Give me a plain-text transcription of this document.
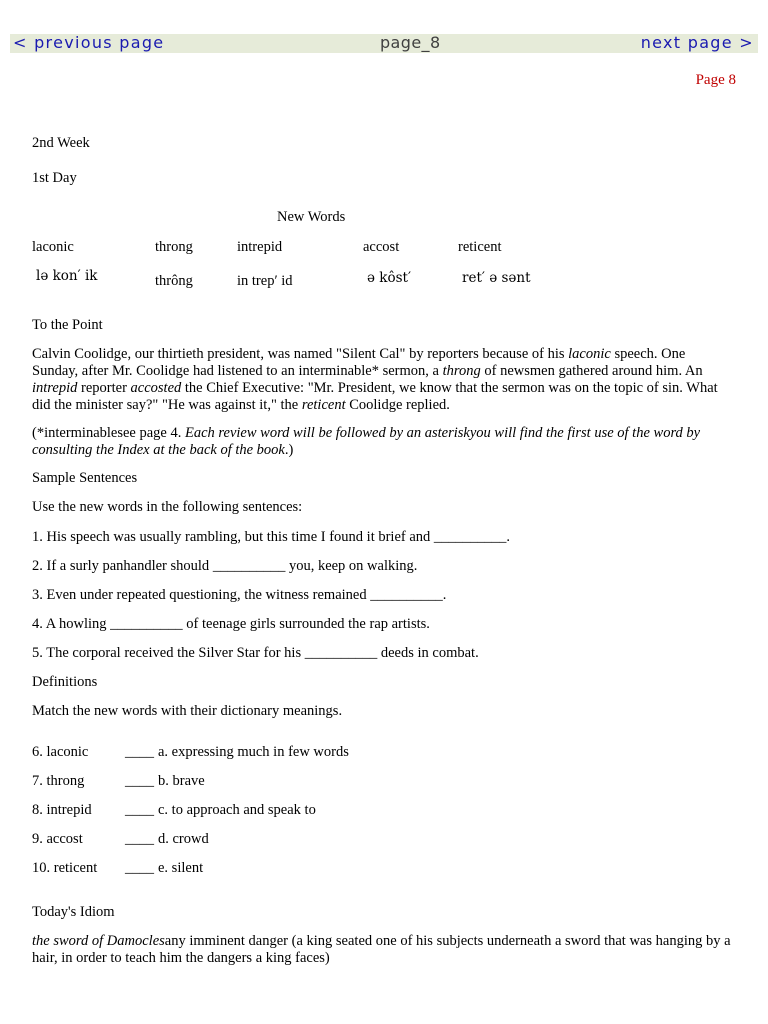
< previous page	page_8	next page >
Page 8
2nd Week
1st Day
New Words
laconic	throng	intrepid	accost	reticent
lə kon′ ik	thrông	in trep′ id	ə kôst′	ret′ ə sənt
To the Point
Calvin Coolidge, our thirtieth president, was named "Silent Cal" by reporters because of his laconic speech. One Sunday, after Mr. Coolidge had listened to an interminable* sermon, a throng of newsmen gathered around him. An intrepid reporter accosted the Chief Executive: "Mr. President, we know that the sermon was on the topic of sin. What did the minister say?" "He was against it," the reticent Coolidge replied.
(*interminablesee page 4. Each review word will be followed by an asteriskyou will find the first use of the word by consulting the Index at the back of the book.)
Sample Sentences
Use the new words in the following sentences:
1. His speech was usually rambling, but this time I found it brief and __________.
2. If a surly panhandler should __________ you, keep on walking.
3. Even under repeated questioning, the witness remained __________.
4. A howling __________ of teenage girls surrounded the rap artists.
5. The corporal received the Silver Star for his __________ deeds in combat.
Definitions
Match the new words with their dictionary meanings.
6. laconic	____ a. expressing much in few words
7. throng	____ b. brave
8. intrepid ____ c. to approach and speak to
9. accost	____ d. crowd
10. reticent ____ e. silent
Today's Idiom
the sword of Damoclesany imminent danger (a king seated one of his subjects underneath a sword that was hanging by a hair, in order to teach him the dangers a king faces)
